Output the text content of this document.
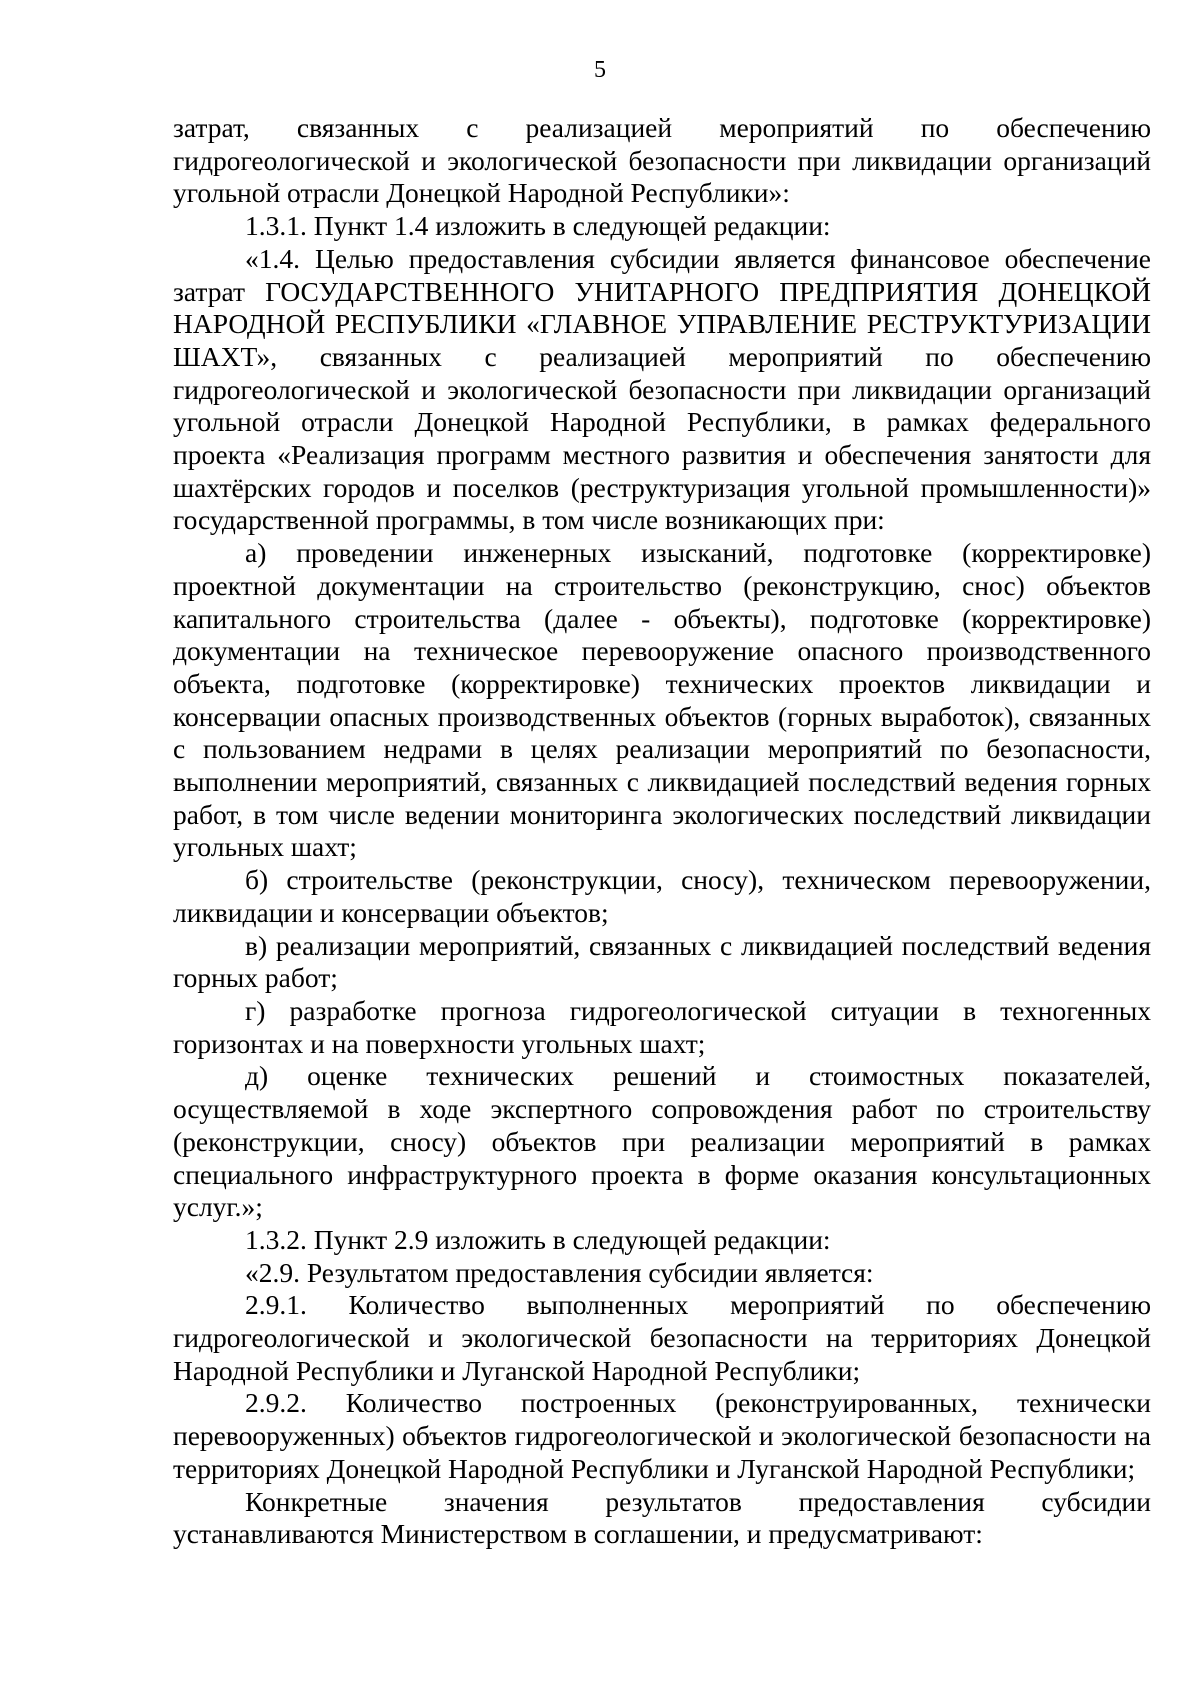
5

затрат, связанных с реализацией мероприятий по обеспечению гидрогеологической и экологической безопасности при ликвидации организаций угольной отрасли Донецкой Народной Республики»:

1.3.1. Пункт 1.4 изложить в следующей редакции:

«1.4. Целью предоставления субсидии является финансовое обеспечение затрат ГОСУДАРСТВЕННОГО УНИТАРНОГО ПРЕДПРИЯТИЯ ДОНЕЦКОЙ НАРОДНОЙ РЕСПУБЛИКИ «ГЛАВНОЕ УПРАВЛЕНИЕ РЕСТРУКТУРИЗАЦИИ ШАХТ», связанных с реализацией мероприятий по обеспечению гидрогеологической и экологической безопасности при ликвидации организаций угольной отрасли Донецкой Народной Республики, в рамках федерального проекта «Реализация программ местного развития и обеспечения занятости для шахтёрских городов и поселков (реструктуризация угольной промышленности)» государственной программы, в том числе возникающих при:

а) проведении инженерных изысканий, подготовке (корректировке) проектной документации на строительство (реконструкцию, снос) объектов капитального строительства (далее - объекты), подготовке (корректировке) документации на техническое перевооружение опасного производственного объекта, подготовке (корректировке) технических проектов ликвидации и консервации опасных производственных объектов (горных выработок), связанных с пользованием недрами в целях реализации мероприятий по безопасности, выполнении мероприятий, связанных с ликвидацией последствий ведения горных работ, в том числе ведении мониторинга экологических последствий ликвидации угольных шахт;

б) строительстве (реконструкции, сносу), техническом перевооружении, ликвидации и консервации объектов;

в) реализации мероприятий, связанных с ликвидацией последствий ведения горных работ;

г) разработке прогноза гидрогеологической ситуации в техногенных горизонтах и на поверхности угольных шахт;

д) оценке технических решений и стоимостных показателей, осуществляемой в ходе экспертного сопровождения работ по строительству (реконструкции, сносу) объектов при реализации мероприятий в рамках специального инфраструктурного проекта в форме оказания консультационных услуг.»;

1.3.2. Пункт 2.9 изложить в следующей редакции:

«2.9. Результатом предоставления субсидии является:

2.9.1. Количество выполненных мероприятий по обеспечению гидрогеологической и экологической безопасности на территориях Донецкой Народной Республики и Луганской Народной Республики;

2.9.2. Количество построенных (реконструированных, технически перевооруженных) объектов гидрогеологической и экологической безопасности на территориях Донецкой Народной Республики и Луганской Народной Республики;

Конкретные значения результатов предоставления субсидии устанавливаются Министерством в соглашении, и предусматривают:
